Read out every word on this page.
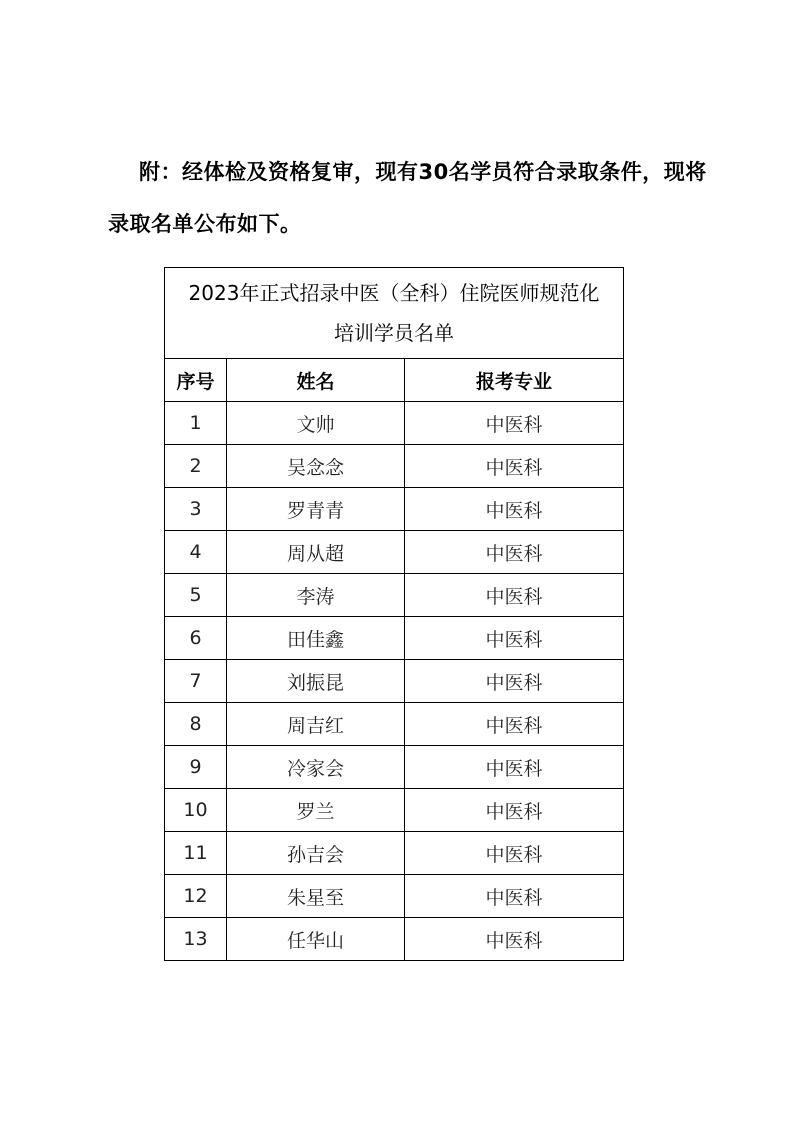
附：经体检及资格复审，现有30名学员符合录取条件，现将录取名单公布如下。

2023年正式招录中医（全科）住院医师规范化
培训学员名单		

序号	姓名	报考专业
1	文帅	中医科
2	吴念念	中医科
3	罗青青	中医科
4	周从超	中医科
5	李涛	中医科
6	田佳鑫	中医科
7	刘振昆	中医科
8	周吉红	中医科
9	冷家会	中医科
10	罗兰	中医科
11	孙吉会	中医科
12	朱星至	中医科
13	任华山	中医科
